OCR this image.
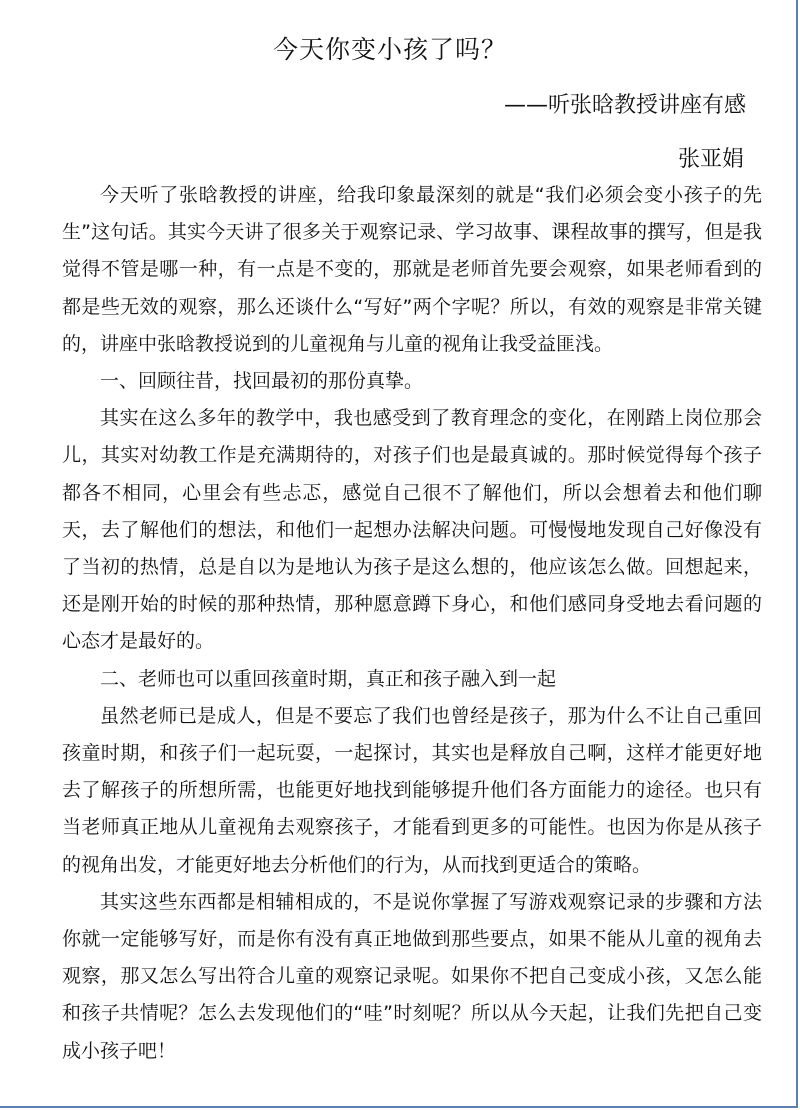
今天你变小孩了吗？
——听张晗教授讲座有感
张亚娟

今天听了张晗教授的讲座，给我印象最深刻的就是“我们必须会变小孩子的先生”这句话。其实今天讲了很多关于观察记录、学习故事、课程故事的撰写，但是我觉得不管是哪一种，有一点是不变的，那就是老师首先要会观察，如果老师看到的都是些无效的观察，那么还谈什么“写好”两个字呢？所以，有效的观察是非常关键的，讲座中张晗教授说到的儿童视角与儿童的视角让我受益匪浅。

一、回顾往昔，找回最初的那份真挚。

其实在这么多年的教学中，我也感受到了教育理念的变化，在刚踏上岗位那会儿，其实对幼教工作是充满期待的，对孩子们也是最真诚的。那时候觉得每个孩子都各不相同，心里会有些忐忑，感觉自己很不了解他们，所以会想着去和他们聊天，去了解他们的想法，和他们一起想办法解决问题。可慢慢地发现自己好像没有了当初的热情，总是自以为是地认为孩子是这么想的，他应该怎么做。回想起来，还是刚开始的时候的那种热情，那种愿意蹲下身心，和他们感同身受地去看问题的心态才是最好的。

二、老师也可以重回孩童时期，真正和孩子融入到一起

虽然老师已是成人，但是不要忘了我们也曾经是孩子，那为什么不让自己重回孩童时期，和孩子们一起玩耍，一起探讨，其实也是释放自己啊，这样才能更好地去了解孩子的所想所需，也能更好地找到能够提升他们各方面能力的途径。也只有当老师真正地从儿童视角去观察孩子，才能看到更多的可能性。也因为你是从孩子的视角出发，才能更好地去分析他们的行为，从而找到更适合的策略。

其实这些东西都是相辅相成的，不是说你掌握了写游戏观察记录的步骤和方法你就一定能够写好，而是你有没有真正地做到那些要点，如果不能从儿童的视角去观察，那又怎么写出符合儿童的观察记录呢。如果你不把自己变成小孩，又怎么能和孩子共情呢？怎么去发现他们的“哇”时刻呢？所以从今天起，让我们先把自己变成小孩子吧！
